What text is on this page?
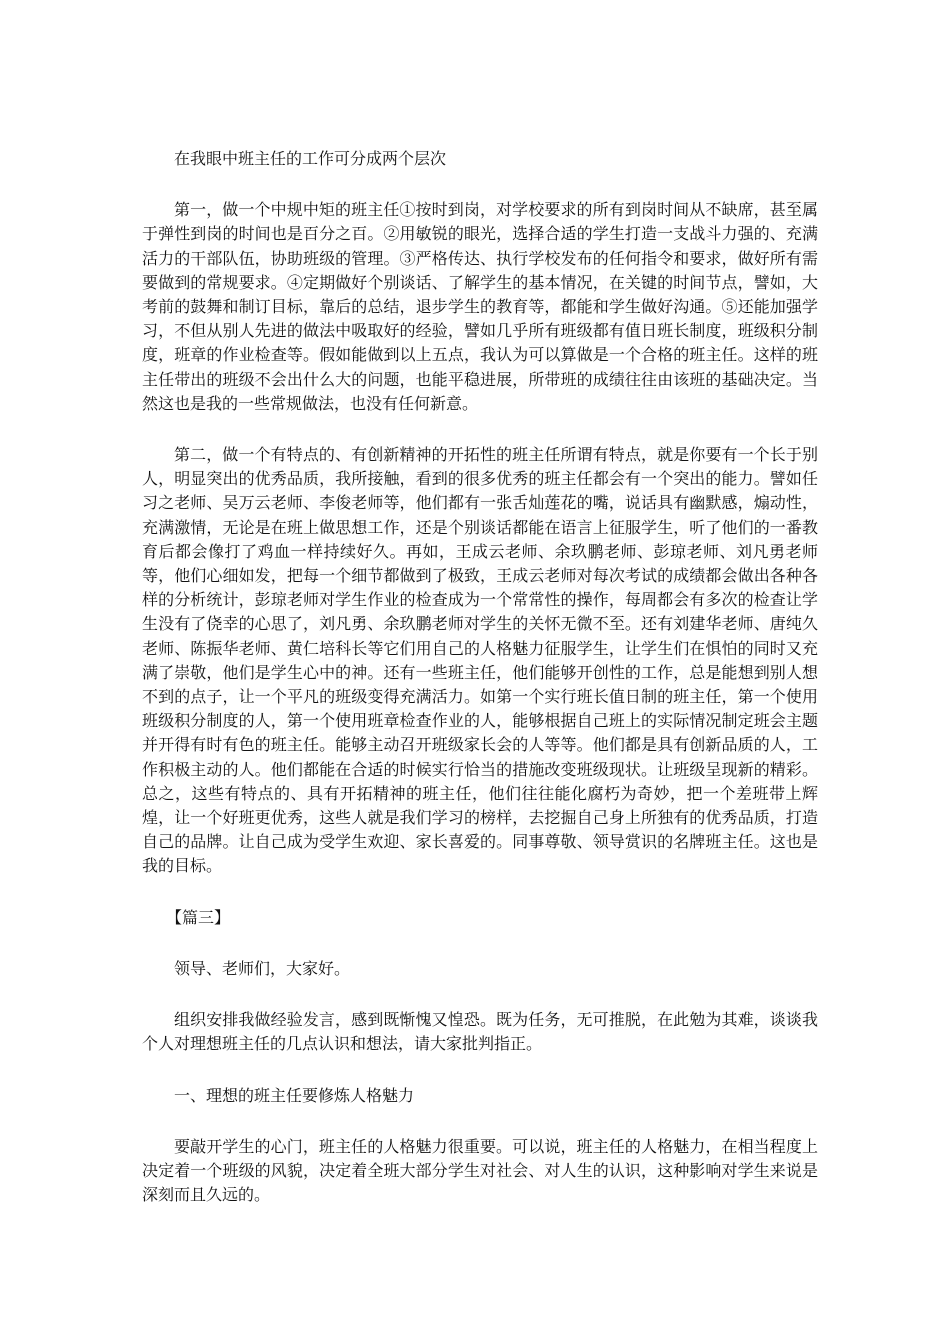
在我眼中班主任的工作可分成两个层次

第一，做一个中规中矩的班主任①按时到岗，对学校要求的所有到岗时间从不缺席，甚至属于弹性到岗的时间也是百分之百。②用敏锐的眼光，选择合适的学生打造一支战斗力强的、充满活力的干部队伍，协助班级的管理。③严格传达、执行学校发布的任何指令和要求，做好所有需要做到的常规要求。④定期做好个别谈话、了解学生的基本情况，在关键的时间节点，譬如，大考前的鼓舞和制订目标，靠后的总结，退步学生的教育等，都能和学生做好沟通。⑤还能加强学习，不但从别人先进的做法中吸取好的经验，譬如几乎所有班级都有值日班长制度，班级积分制度，班章的作业检查等。假如能做到以上五点，我认为可以算做是一个合格的班主任。这样的班主任带出的班级不会出什么大的问题，也能平稳进展，所带班的成绩往往由该班的基础决定。当然这也是我的一些常规做法，也没有任何新意。

第二，做一个有特点的、有创新精神的开拓性的班主任所谓有特点，就是你要有一个长于别人，明显突出的优秀品质，我所接触，看到的很多优秀的班主任都会有一个突出的能力。譬如任习之老师、吴万云老师、李俊老师等，他们都有一张舌灿莲花的嘴，说话具有幽默感，煽动性，充满激情，无论是在班上做思想工作，还是个别谈话都能在语言上征服学生，听了他们的一番教育后都会像打了鸡血一样持续好久。再如，王成云老师、余玖鹏老师、彭琼老师、刘凡勇老师等，他们心细如发，把每一个细节都做到了极致，王成云老师对每次考试的成绩都会做出各种各样的分析统计，彭琼老师对学生作业的检查成为一个常常性的操作，每周都会有多次的检查让学生没有了侥幸的心思了，刘凡勇、余玖鹏老师对学生的关怀无微不至。还有刘建华老师、唐纯久老师、陈振华老师、黄仁培科长等它们用自己的人格魅力征服学生，让学生们在惧怕的同时又充满了崇敬，他们是学生心中的神。还有一些班主任，他们能够开创性的工作，总是能想到别人想不到的点子，让一个平凡的班级变得充满活力。如第一个实行班长值日制的班主任，第一个使用班级积分制度的人，第一个使用班章检查作业的人，能够根据自己班上的实际情况制定班会主题并开得有时有色的班主任。能够主动召开班级家长会的人等等。他们都是具有创新品质的人，工作积极主动的人。他们都能在合适的时候实行恰当的措施改变班级现状。让班级呈现新的精彩。总之，这些有特点的、具有开拓精神的班主任，他们往往能化腐朽为奇妙，把一个差班带上辉煌，让一个好班更优秀，这些人就是我们学习的榜样，去挖掘自己身上所独有的优秀品质，打造自己的品牌。让自己成为受学生欢迎、家长喜爱的。同事尊敬、领导赏识的名牌班主任。这也是我的目标。

【篇三】

领导、老师们，大家好。

组织安排我做经验发言，感到既惭愧又惶恐。既为任务，无可推脱，在此勉为其难，谈谈我个人对理想班主任的几点认识和想法，请大家批判指正。

一、理想的班主任要修炼人格魅力

要敲开学生的心门，班主任的人格魅力很重要。可以说，班主任的人格魅力，在相当程度上决定着一个班级的风貌，决定着全班大部分学生对社会、对人生的认识，这种影响对学生来说是深刻而且久远的。
